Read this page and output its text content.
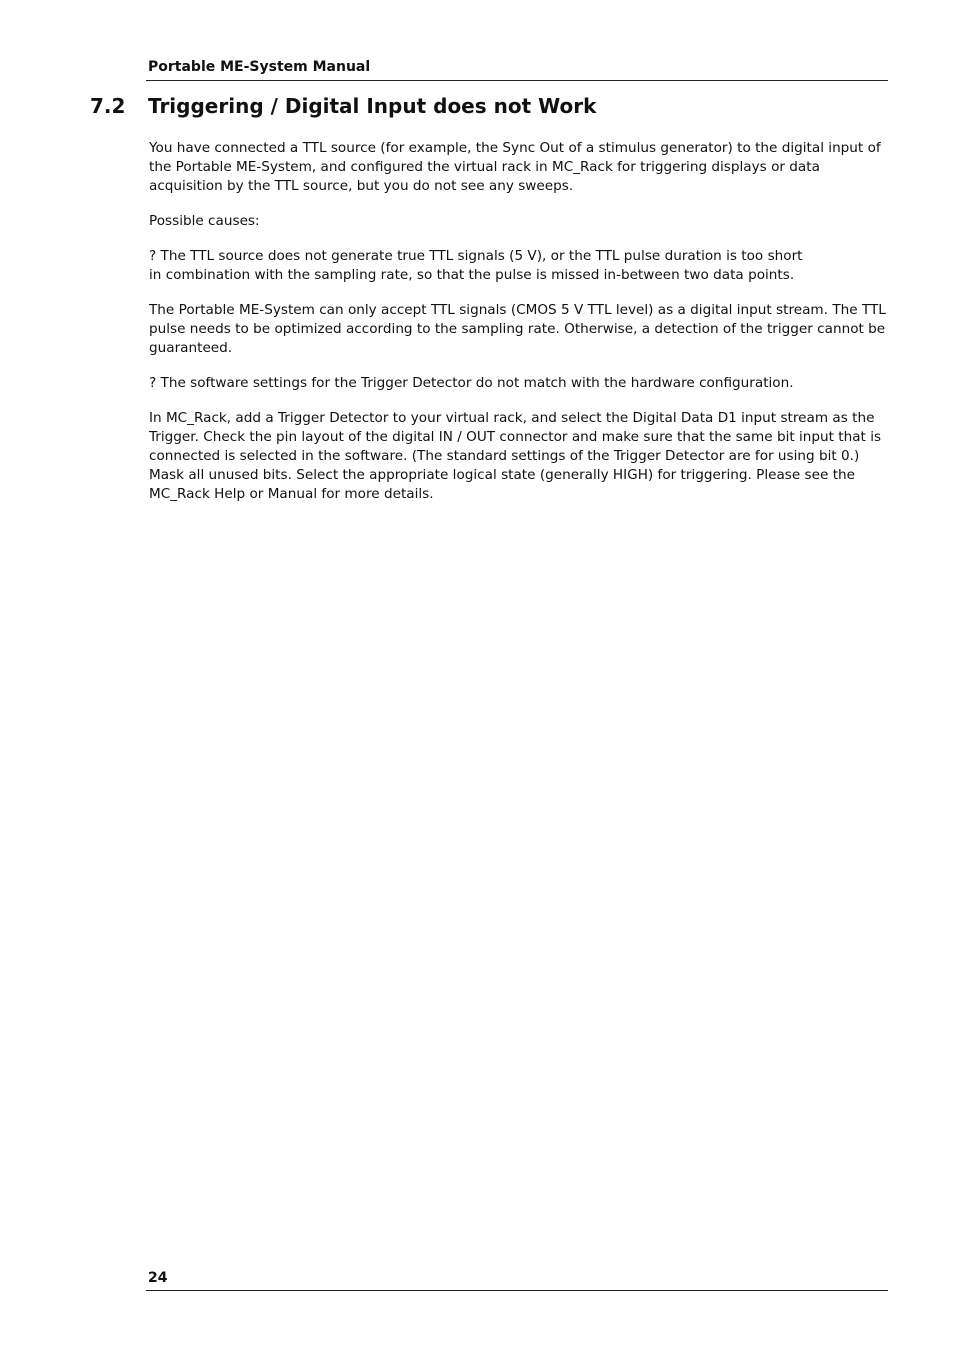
Portable ME-System Manual
7.2 Triggering / Digital Input does not Work

You have connected a TTL source (for example, the Sync Out of a stimulus generator) to the digital input of the Portable ME-System, and configured the virtual rack in MC_Rack for triggering displays or data acquisition by the TTL source, but you do not see any sweeps.

Possible causes:

? The TTL source does not generate true TTL signals (5 V), or the TTL pulse duration is too short
in combination with the sampling rate, so that the pulse is missed in-between two data points.

The Portable ME-System can only accept TTL signals (CMOS 5 V TTL level) as a digital input stream. The TTL pulse needs to be optimized according to the sampling rate. Otherwise, a detection of the trigger cannot be guaranteed.

? The software settings for the Trigger Detector do not match with the hardware configuration.

In MC_Rack, add a Trigger Detector to your virtual rack, and select the Digital Data D1 input stream as the Trigger. Check the pin layout of the digital IN / OUT connector and make sure that the same bit input that is connected is selected in the software. (The standard settings of the Trigger Detector are for using bit 0.) Mask all unused bits. Select the appropriate logical state (generally HIGH) for triggering. Please see the MC_Rack Help or Manual for more details.

24
